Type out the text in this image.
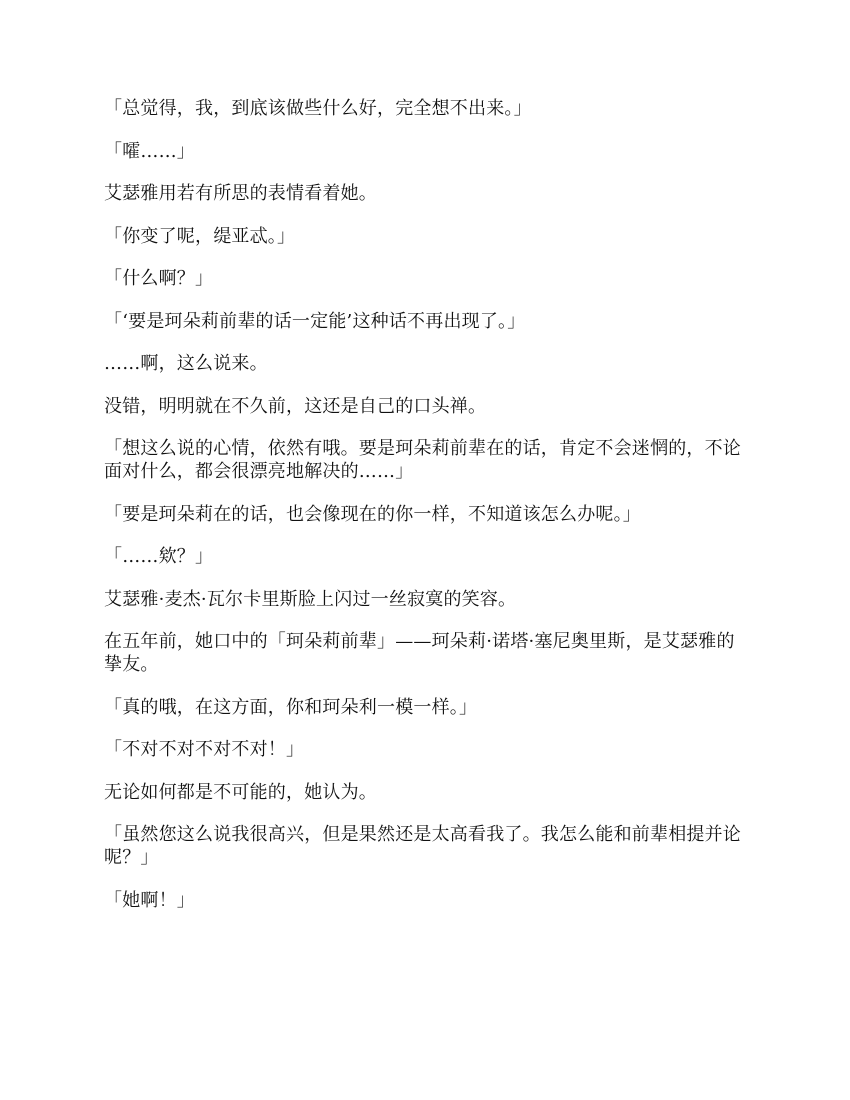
「总觉得，我，到底该做些什么好，完全想不出来。」

「嚯……」

艾瑟雅用若有所思的表情看着她。

「你变了呢，缇亚忒。」

「什么啊？」

「‘要是珂朵莉前辈的话一定能’这种话不再出现了。」

……啊，这么说来。

没错，明明就在不久前，这还是自己的口头禅。

「想这么说的心情，依然有哦。要是珂朵莉前辈在的话，肯定不会迷惘的，不论面对什么，都会很漂亮地解决的……」

「要是珂朵莉在的话，也会像现在的你一样，不知道该怎么办呢。」

「……欸？」

艾瑟雅·麦杰·瓦尔卡里斯脸上闪过一丝寂寞的笑容。

在五年前，她口中的「珂朵莉前辈」——珂朵莉·诺塔·塞尼奥里斯，是艾瑟雅的挚友。

「真的哦，在这方面，你和珂朵利一模一样。」

「不对不对不对不对！」

无论如何都是不可能的，她认为。

「虽然您这么说我很高兴，但是果然还是太高看我了。我怎么能和前辈相提并论呢？」

「她啊！」
